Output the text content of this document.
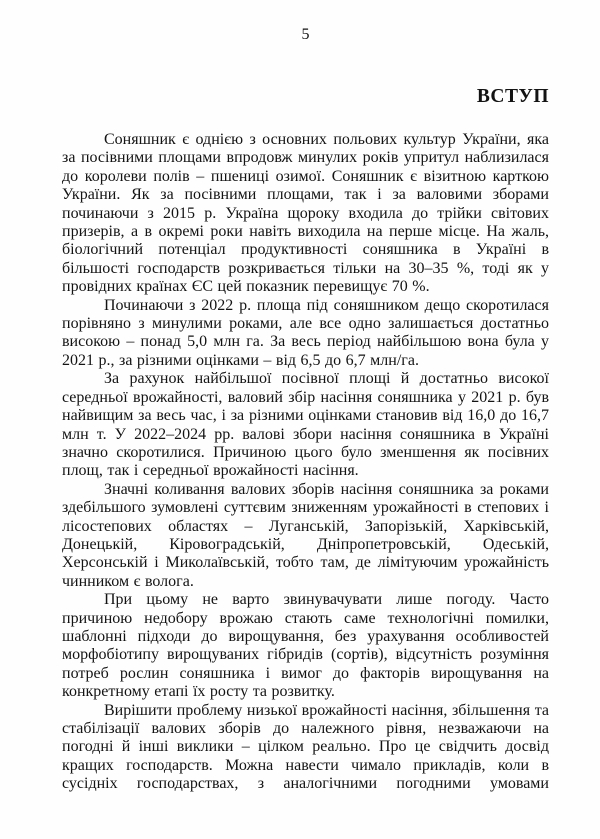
5
ВСТУП

Соняшник є однією з основних польових культур України, яка за посівними площами впродовж минулих років упритул наблизилася до королеви полів – пшениці озимої. Соняшник є візитною карткою України. Як за посівними площами, так і за валовими зборами починаючи з 2015 р. Україна щороку входила до трійки світових призерів, а в окремі роки навіть виходила на перше місце. На жаль, біологічний потенціал продуктивності соняшника в Україні в більшості господарств розкривається тільки на 30–35 %, тоді як у провідних країнах ЄС цей показник перевищує 70 %.

Починаючи з 2022 р. площа під соняшником дещо скоротилася порівняно з минулими роками, але все одно залишається достатньо високою – понад 5,0 млн га. За весь період найбільшою вона була у 2021 р., за різними оцінками – від 6,5 до 6,7 млн/га.

За рахунок найбільшої посівної площі й достатньо високої середньої врожайності, валовий збір насіння соняшника у 2021 р. був найвищим за весь час, і за різними оцінками становив від 16,0 до 16,7 млн т. У 2022–2024 рр. валові збори насіння соняшника в Україні значно скоротилися. Причиною цього було зменшення як посівних площ, так і середньої врожайності насіння.

Значні коливання валових зборів насіння соняшника за роками здебільшого зумовлені суттєвим зниженням урожайності в степових і лісостепових областях – Луганській, Запорізькій, Харківській, Донецькій, Кіровоградській, Дніпропетровській, Одеській, Херсонській і Миколаївській, тобто там, де лімітуючим урожайність чинником є волога.

При цьому не варто звинувачувати лише погоду. Часто причиною недобору врожаю стають саме технологічні помилки, шаблонні підходи до вирощування, без урахування особливостей морфобіотипу вирощуваних гібридів (сортів), відсутність розуміння потреб рослин соняшника і вимог до факторів вирощування на конкретному етапі їх росту та розвитку.

Вирішити проблему низької врожайності насіння, збільшення та стабілізації валових зборів до належного рівня, незважаючи на погодні й інші виклики – цілком реально. Про це свідчить досвід кращих господарств. Можна навести чимало прикладів, коли в сусідніх господарствах, з аналогічними погодними умовами
